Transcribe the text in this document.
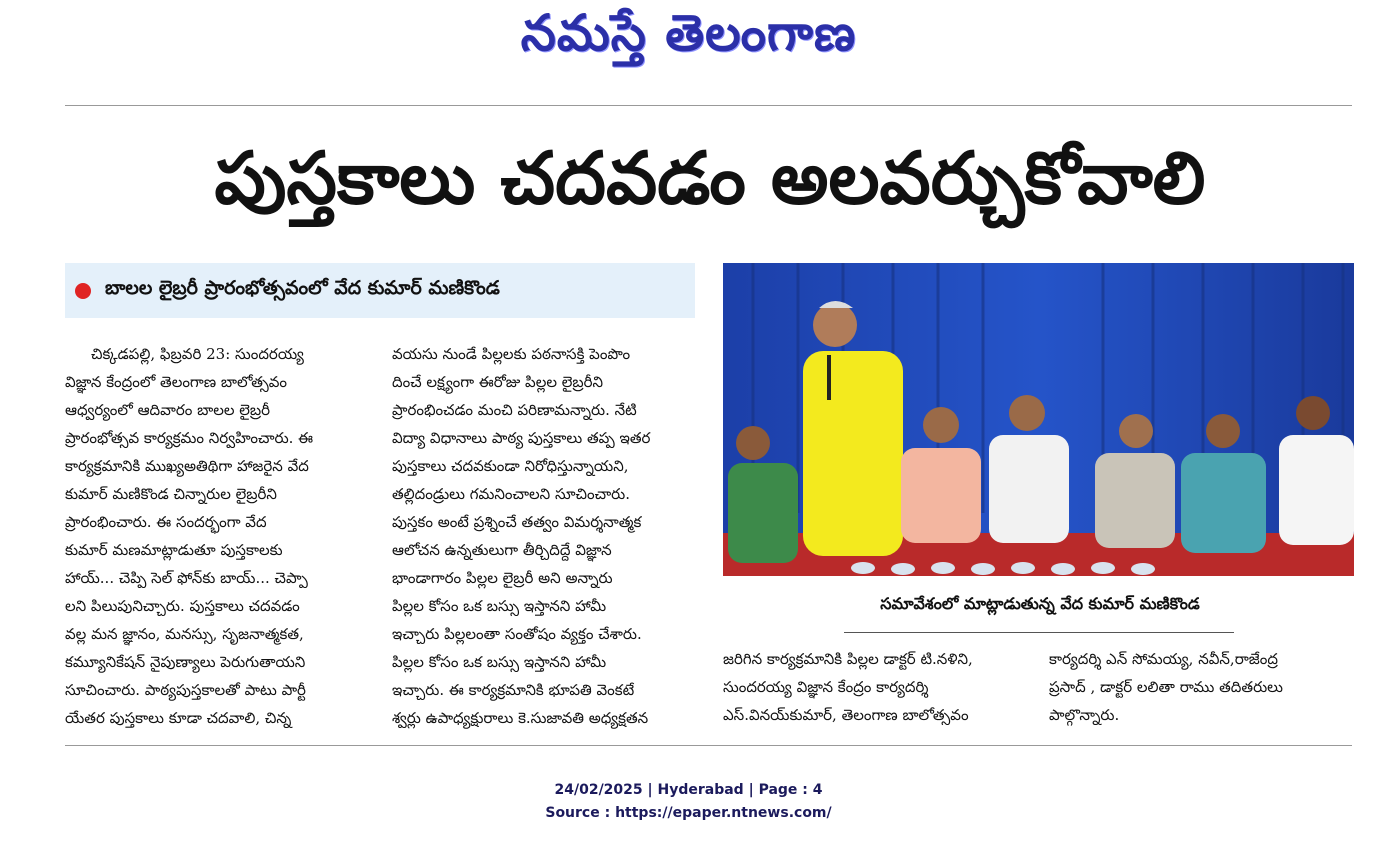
నమస్తే తెలంగాణ
పుస్తకాలు చదవడం అలవర్చుకోవాలి
బాలల లైబ్రరీ ప్రారంభోత్సవంలో వేద కుమార్ మణికొండ

చిక్కడపల్లి, ఫిబ్రవరి 23: సుందరయ్య

విజ్ఞాన కేంద్రంలో తెలంగాణ బాలోత్సవం

ఆధ్వర్యంలో ఆదివారం బాలల లైబ్రరీ

ప్రారంభోత్సవ కార్యక్రమం నిర్వహించారు. ఈ

కార్యక్రమానికి ముఖ్యఅతిథిగా హాజరైన వేద

కుమార్ మణికొండ చిన్నారుల లైబ్రరీని

ప్రారంభించారు. ఈ సందర్భంగా వేద

కుమార్ మణమాట్లాడుతూ పుస్తకాలకు

హాయ్... చెప్పి సెల్ ఫోన్‌కు బాయ్... చెప్పా

లని పిలుపునిచ్చారు. పుస్తకాలు చదవడం

వల్ల మన జ్ఞానం, మనస్సు, సృజనాత్మకత,

కమ్యూనికేషన్ నైపుణ్యాలు పెరుగుతాయని

సూచించారు. పాఠ్యపుస్తకాలతో పాటు పార్టీ

యేతర పుస్తకాలు కూడా చదవాలి, చిన్న

వయసు నుండే పిల్లలకు పఠనాసక్తి పెంపొం

దించే లక్ష్యంగా ఈరోజు పిల్లల లైబ్రరీని

ప్రారంభించడం మంచి పరిణామన్నారు. నేటి

విద్యా విధానాలు పాఠ్య పుస్తకాలు తప్ప ఇతర

పుస్తకాలు చదవకుండా నిరోధిస్తున్నాయని,

తల్లిదండ్రులు గమనించాలని సూచించారు.

పుస్తకం అంటే ప్రశ్నించే తత్వం విమర్శనాత్మక

ఆలోచన ఉన్నతులుగా తీర్చిదిద్దే విజ్ఞాన

భాండాగారం పిల్లల లైబ్రరీ అని అన్నారు

పిల్లల కోసం ఒక బస్సు ఇస్తానని హామీ

ఇచ్చారు పిల్లలంతా సంతోషం వ్యక్తం చేశారు.

పిల్లల కోసం ఒక బస్సు ఇస్తానని హామీ

ఇచ్చారు. ఈ కార్యక్రమానికి భూపతి వెంకటే

శ్వర్లు ఉపాధ్యక్షురాలు కె.సుజావతి అధ్యక్షతన

సమావేశంలో మాట్లాడుతున్న వేద కుమార్ మణికొండ

జరిగిన కార్యక్రమానికి పిల్లల డాక్టర్ టి.నళిని,

సుందరయ్య విజ్ఞాన కేంద్రం కార్యదర్శి

ఎస్.వినయ్‌కుమార్, తెలంగాణ బాలోత్సవం

కార్యదర్శి ఎన్ సోమయ్య, నవీన్,రాజేంద్ర

ప్రసాద్ , డాక్టర్ లలితా రాము తదితరులు

పాల్గొన్నారు.

24/02/2025 | Hyderabad | Page : 4
Source : https://epaper.ntnews.com/
